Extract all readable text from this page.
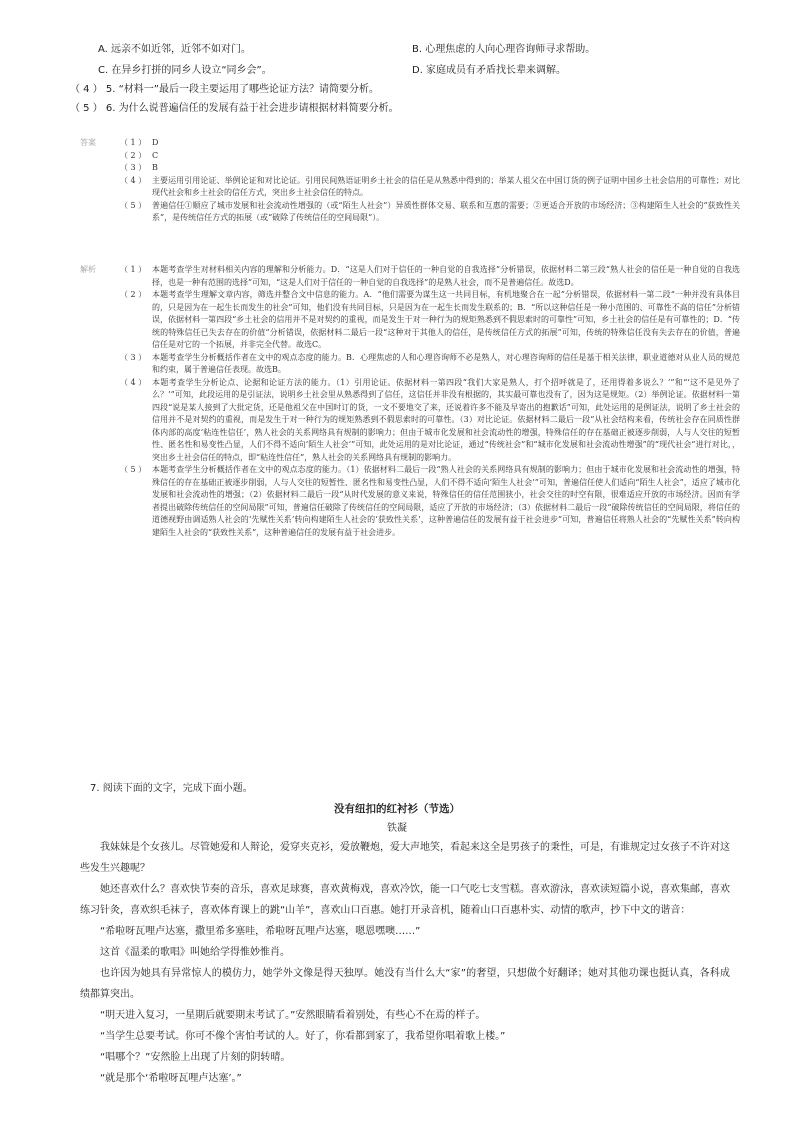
A. 远亲不如近邻，近邻不如对门。	B. 心理焦虑的人向心理咨询师寻求帮助。
C. 在异乡打拼的同乡人设立“同乡会”。	D. 家庭成员有矛盾找长辈来调解。
（ 4 ） 5. “材料一”最后一段主要运用了哪些论证方法？请简要分析。
（ 5 ） 6. 为什么说普遍信任的发展有益于社会进步请根据材料简要分析。
答案	（ 1 ） D
（ 2 ） C
（ 3 ） B
（ 4 ） 主要运用引用论证、举例论证和对比论证。引用民间熟语证明乡土社会的信任是从熟悉中得到的；举某人祖父在中国订货的例子证明中国乡土社会信用的可靠性；对比现代社会和乡土社会的信任方式，突出乡土社会信任的特点。
（ 5 ） 普遍信任①顺应了城市发展和社会流动性增强的（或“陌生人社会”）异质性群体交易、联系和互惠的需要；②更适合开放的市场经济；③构建陌生人社会的“获致性关系”，是传统信任方式的拓展（或“破除了传统信任的空间局限”）。
解析	（ 1 ） 本题考查学生对材料相关内容的理解和分析能力。D．“这是人们对于信任的一种自觉的自我选择”分析错误，依据材料二第三段“熟人社会的信任是一种自觉的自我选择，也是一种有范围的选择”可知，“这是人们对于信任的一种自觉的自我选择”的是熟人社会，而不是普遍信任。故选D。
（ 2 ） 本题考查学生理解文章内容，筛选并整合文中信息的能力。A．“他们需要为谋生这一共同目标，有机地聚合在一起”分析错误，依据材料一第二段“一种并没有具体目的，只是因为在一起生长而发生的社会”可知，他们没有共同目标，只是因为在一起生长而发生联系的；B．“所以这种信任是一种小范围的、可靠性不高的信任”分析错误，依据材料一第四段“乡土社会的信用并不是对契约的重视，而是发生于对一种行为的规矩熟悉到不假思索时的可靠性”可知，乡土社会的信任是有可靠性的；D．“传统的特殊信任已失去存在的价值”分析错误，依据材料二最后一段“这种对于其他人的信任，是传统信任方式的拓展”可知，传统的特殊信任没有失去存在的价值，普遍信任是对它的一个拓展，并非完全代替。故选C。
（ 3 ） 本题考查学生分析概括作者在文中的观点态度的能力。B．心理焦虑的人和心理咨询师不必是熟人，对心理咨询师的信任是基于相关法律，职业道德对从业人员的规范和约束，属于普遍信任表现。故选B。
（ 4 ） 本题考查学生分析论点、论据和论证方法的能力。（1）引用论证。依据材料一第四段“我们大家是熟人，打个招呼就是了，还用得着多说么？’”和“‘这不是见外了么？’”可知，此段运用的是引证法，说明乡土社会里从熟悉得到了信任，这信任并非没有根据的，其实最可靠也没有了，因为这是规矩。（2）举例论证。依据材料一第四段“说是某人接到了大批定货，还是他祖父在中国时订的货，一文不要地交了来，还说着许多不能及早寄出的抱歉话”可知，此处运用的是例证法，说明了乡土社会的信用并不是对契约的重视，而是发生于对一种行为的规矩熟悉到不假思索时的可靠性。（3）对比论证。依据材料二最后一段“从社会结构来看，传统社会存在同质性群体内部的高度‘粘连性信任’，熟人社会的关系网络具有规制的影响力；但由于城市化发展和社会流动性的增强，特殊信任的存在基础正被逐步削弱，人与人交往的短暂性、匿名性和易变性凸显，人们不得不适向‘陌生人社会’”可知，此处运用的是对比论证，通过“传统社会”和“城市化发展和社会流动性增强”的“现代社会”进行对比，，突出乡土社会信任的特点，即“粘连性信任”，熟人社会的关系网络具有规制的影响力。
（ 5 ） 本题考查学生分析概括作者在文中的观点态度的能力。（1）依据材料二最后一段“熟人社会的关系网络具有规制的影响力；但由于城市化发展和社会流动性的增强，特殊信任的存在基础正被逐步削弱，人与人交往的短暂性、匿名性和易变性凸显，人们不得不适向‘陌生人社会’”可知，普遍信任使人们适向“陌生人社会”，适应了城市化发展和社会流动性的增强；（2）依据材料二最后一段“从时代发展的意义来说，特殊信任的信任范围狭小，社会交往的时空有限，很难适应开放的市场经济。因而有学者提出破除传统信任的空间局限”可知，普遍信任破除了传统信任的空间局限，适应了开放的市场经济；（3）依据材料二最后一段“破除传统信任的空间局限，将信任的道德视野由调适熟人社会的‘先赋性关系’转向构建陌生人社会的‘获致性关系’，这种普遍信任的发展有益于社会进步”可知，普遍信任将熟人社会的“先赋性关系”转向构建陌生人社会的“获致性关系”，这种普遍信任的发展有益于社会进步。
7. 阅读下面的文字，完成下面小题。
没有纽扣的红衬衫（节选）
铁凝

我妹妹是个女孩儿。尽管她爱和人辩论，爱穿夹克衫，爱放鞭炮，爱大声地笑，看起来这全是男孩子的秉性，可是，有谁规定过女孩子不许对这些发生兴趣呢？

她还喜欢什么？喜欢快节奏的音乐，喜欢足球赛，喜欢黄梅戏，喜欢冷饮，能一口气吃七支雪糕。喜欢游泳，喜欢读短篇小说，喜欢集邮，喜欢练习针灸，喜欢织毛袜子，喜欢体育课上的跳“山羊”，喜欢山口百惠。她打开录音机，随着山口百惠朴实、动情的歌声，抄下中文的谐音：

“希啦呀瓦哩卢达塞，撒里希多塞哇，希啦呀瓦哩卢达塞，嗯恩嘿噢……”

这首《温柔的歌唱》叫她给学得惟妙惟肖。

也许因为她具有异常惊人的模仿力，她学外文像是得天独厚。她没有当什么大“家”的奢望，只想做个好翻译；她对其他功课也挺认真，各科成绩都算突出。

“明天进入复习，一星期后就要期末考试了。”安然眼睛看着别处，有些心不在焉的样子。

“当学生总要考试。你可不像个害怕考试的人。好了，你看都到家了，我希望你唱着歌上楼。”

“唱哪个？”安然脸上出现了片刻的阴转晴。

“就是那个‘希啦呀瓦哩卢达塞’。”
